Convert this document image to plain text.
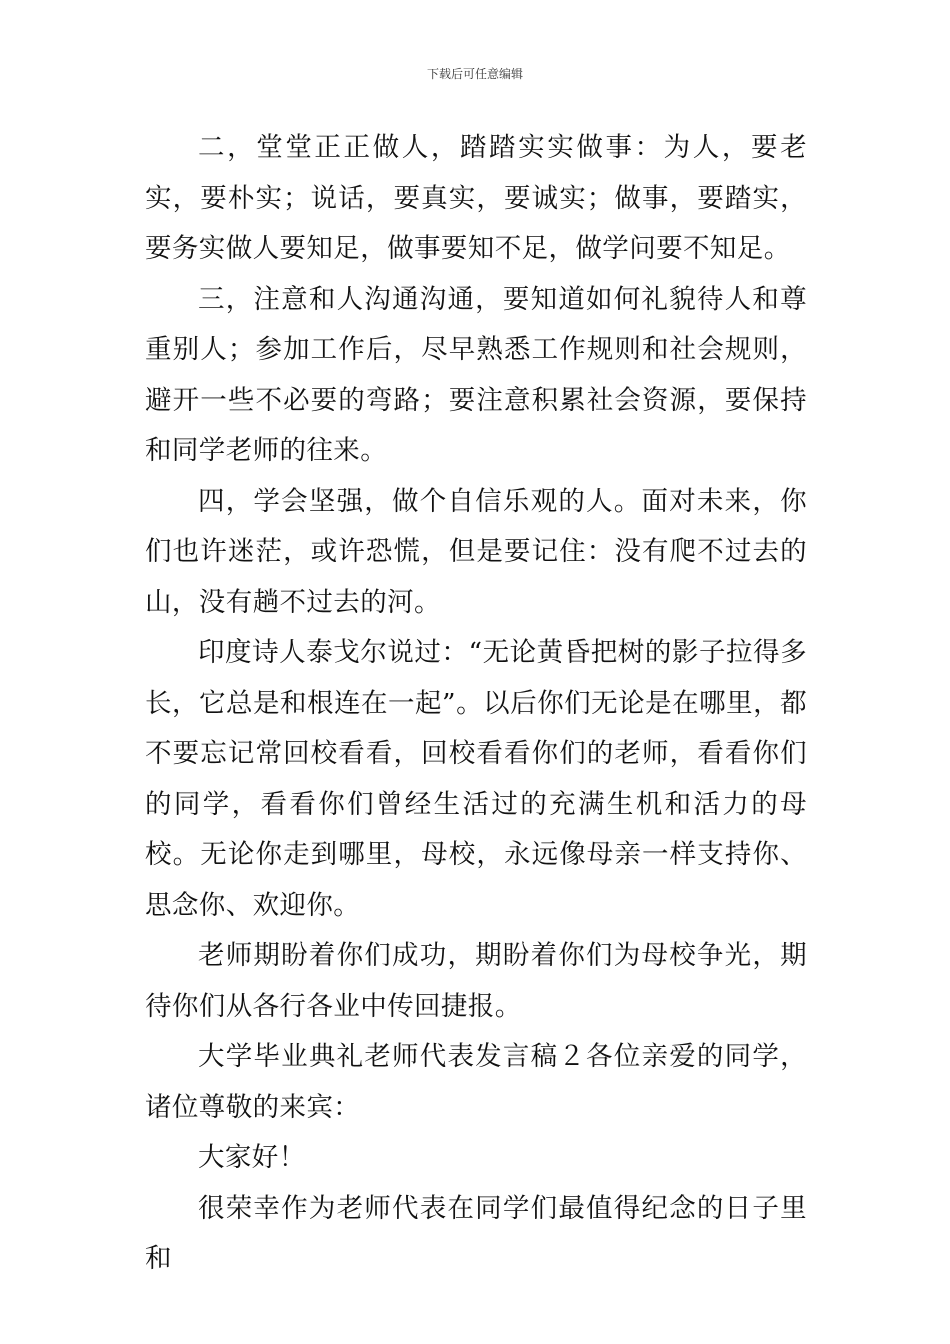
下载后可任意编辑

二，堂堂正正做人，踏踏实实做事：为人，要老实，要朴实；说话，要真实，要诚实；做事，要踏实，要务实做人要知足，做事要知不足，做学问要不知足。

三，注意和人沟通沟通，要知道如何礼貌待人和尊重别人；参加工作后，尽早熟悉工作规则和社会规则，避开一些不必要的弯路；要注意积累社会资源，要保持和同学老师的往来。

四，学会坚强，做个自信乐观的人。面对未来，你们也许迷茫，或许恐慌，但是要记住：没有爬不过去的山，没有趟不过去的河。

印度诗人泰戈尔说过：“无论黄昏把树的影子拉得多长，它总是和根连在一起”。以后你们无论是在哪里，都不要忘记常回校看看，回校看看你们的老师，看看你们的同学，看看你们曾经生活过的充满生机和活力的母校。无论你走到哪里，母校，永远像母亲一样支持你、思念你、欢迎你。

老师期盼着你们成功，期盼着你们为母校争光，期待你们从各行各业中传回捷报。

大学毕业典礼老师代表发言稿２各位亲爱的同学，诸位尊敬的来宾：

大家好！

很荣幸作为老师代表在同学们最值得纪念的日子里和
